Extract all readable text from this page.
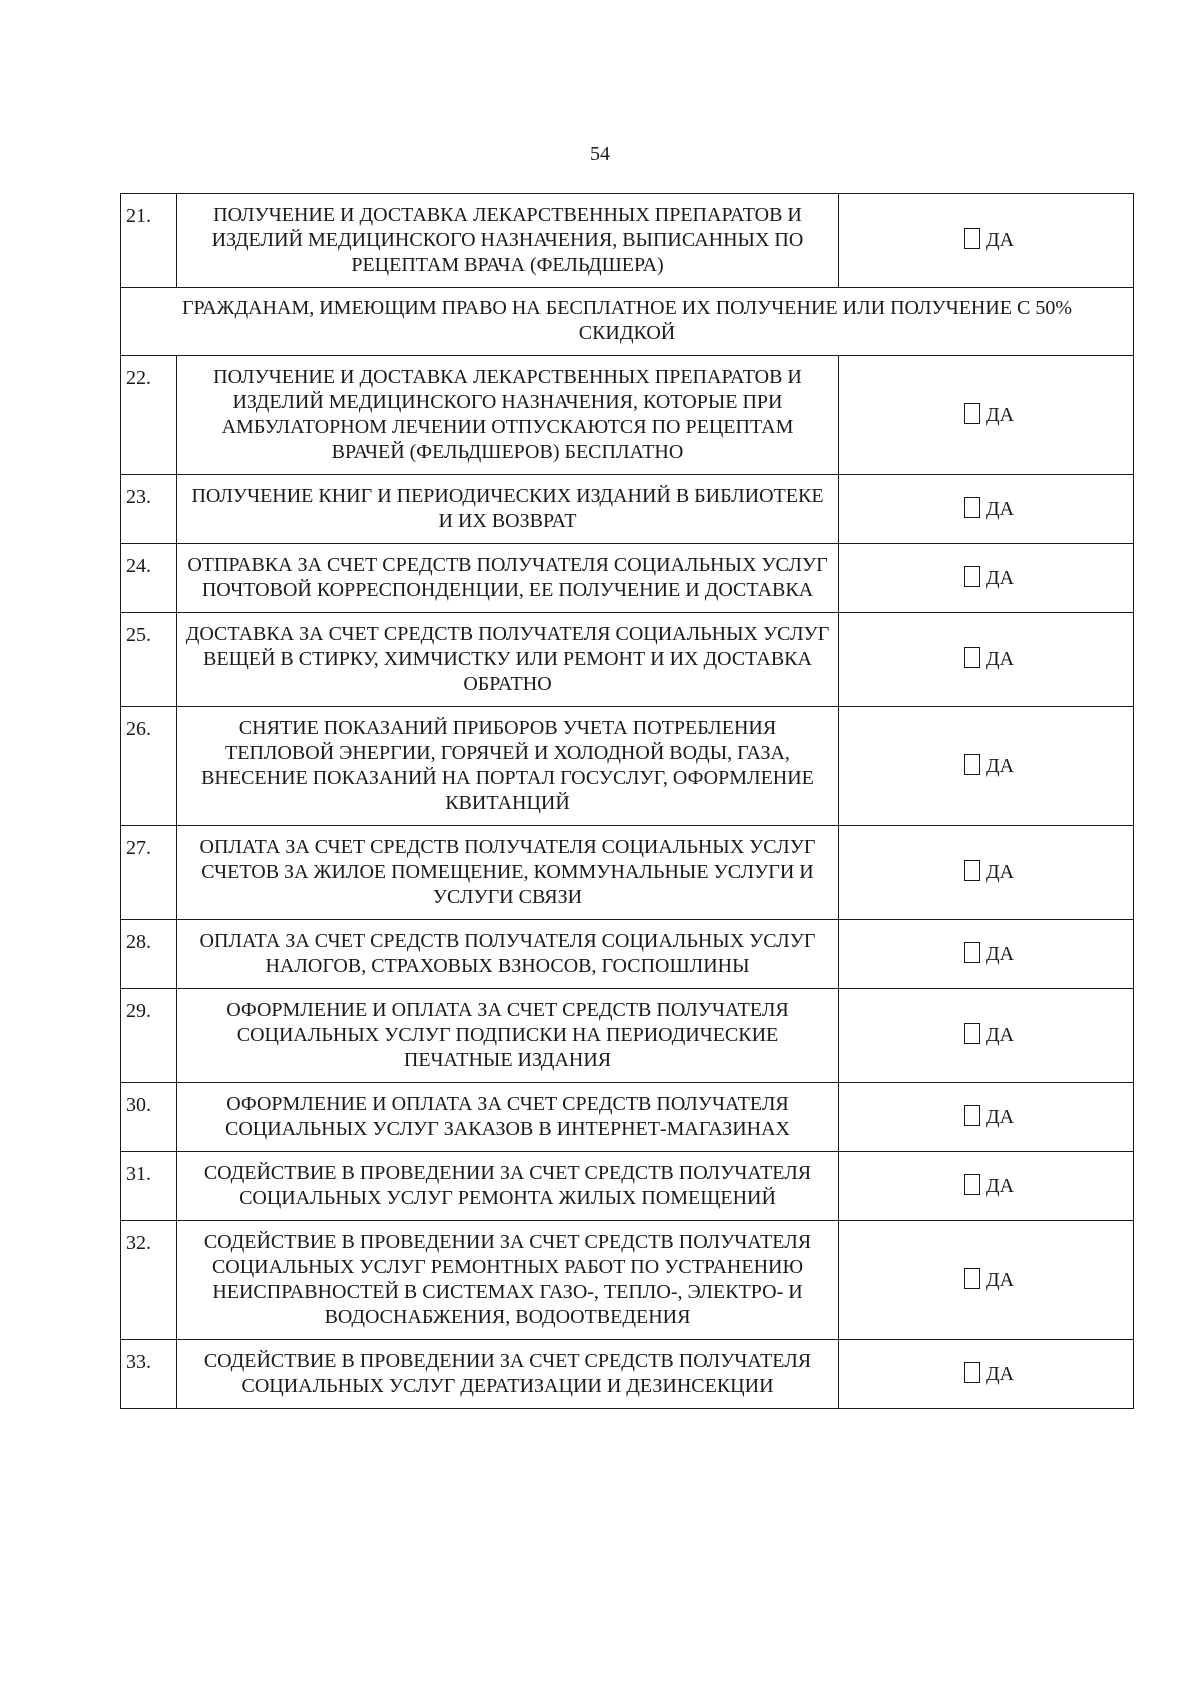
54
21.	ПОЛУЧЕНИЕ И ДОСТАВКА ЛЕКАРСТВЕННЫХ ПРЕПАРАТОВ И ИЗДЕЛИЙ МЕДИЦИНСКОГО НАЗНАЧЕНИЯ, ВЫПИСАННЫХ ПО РЕЦЕПТАМ ВРАЧА (ФЕЛЬДШЕРА)	ДА
ГРАЖДАНАМ, ИМЕЮЩИМ ПРАВО НА БЕСПЛАТНОЕ ИХ ПОЛУЧЕНИЕ ИЛИ ПОЛУЧЕНИЕ С 50% СКИДКОЙ		
22.	ПОЛУЧЕНИЕ И ДОСТАВКА ЛЕКАРСТВЕННЫХ ПРЕПАРАТОВ И ИЗДЕЛИЙ МЕДИЦИНСКОГО НАЗНАЧЕНИЯ, КОТОРЫЕ ПРИ АМБУЛАТОРНОМ ЛЕЧЕНИИ ОТПУСКАЮТСЯ ПО РЕЦЕПТАМ ВРАЧЕЙ (ФЕЛЬДШЕРОВ) БЕСПЛАТНО	ДА
23.	ПОЛУЧЕНИЕ КНИГ И ПЕРИОДИЧЕСКИХ ИЗДАНИЙ В БИБЛИОТЕКЕ И ИХ ВОЗВРАТ	ДА
24.	ОТПРАВКА ЗА СЧЕТ СРЕДСТВ ПОЛУЧАТЕЛЯ СОЦИАЛЬНЫХ УСЛУГ ПОЧТОВОЙ КОРРЕСПОНДЕНЦИИ, ЕЕ ПОЛУЧЕНИЕ И ДОСТАВКА	ДА
25.	ДОСТАВКА ЗА СЧЕТ СРЕДСТВ ПОЛУЧАТЕЛЯ СОЦИАЛЬНЫХ УСЛУГ ВЕЩЕЙ В СТИРКУ, ХИМЧИСТКУ ИЛИ РЕМОНТ И ИХ ДОСТАВКА ОБРАТНО	ДА
26.	СНЯТИЕ ПОКАЗАНИЙ ПРИБОРОВ УЧЕТА ПОТРЕБЛЕНИЯ ТЕПЛОВОЙ ЭНЕРГИИ, ГОРЯЧЕЙ И ХОЛОДНОЙ ВОДЫ, ГАЗА, ВНЕСЕНИЕ ПОКАЗАНИЙ НА ПОРТАЛ ГОСУСЛУГ, ОФОРМЛЕНИЕ КВИТАНЦИЙ	ДА
27.	ОПЛАТА ЗА СЧЕТ СРЕДСТВ ПОЛУЧАТЕЛЯ СОЦИАЛЬНЫХ УСЛУГ СЧЕТОВ ЗА ЖИЛОЕ ПОМЕЩЕНИЕ, КОММУНАЛЬНЫЕ УСЛУГИ И УСЛУГИ СВЯЗИ	ДА
28.	ОПЛАТА ЗА СЧЕТ СРЕДСТВ ПОЛУЧАТЕЛЯ СОЦИАЛЬНЫХ УСЛУГ НАЛОГОВ, СТРАХОВЫХ ВЗНОСОВ, ГОСПОШЛИНЫ	ДА
29.	ОФОРМЛЕНИЕ И ОПЛАТА ЗА СЧЕТ СРЕДСТВ ПОЛУЧАТЕЛЯ СОЦИАЛЬНЫХ УСЛУГ ПОДПИСКИ НА ПЕРИОДИЧЕСКИЕ ПЕЧАТНЫЕ ИЗДАНИЯ	ДА
30.	ОФОРМЛЕНИЕ И ОПЛАТА ЗА СЧЕТ СРЕДСТВ ПОЛУЧАТЕЛЯ СОЦИАЛЬНЫХ УСЛУГ ЗАКАЗОВ В ИНТЕРНЕТ-МАГАЗИНАХ	ДА
31.	СОДЕЙСТВИЕ В ПРОВЕДЕНИИ ЗА СЧЕТ СРЕДСТВ ПОЛУЧАТЕЛЯ СОЦИАЛЬНЫХ УСЛУГ РЕМОНТА ЖИЛЫХ ПОМЕЩЕНИЙ	ДА
32.	СОДЕЙСТВИЕ В ПРОВЕДЕНИИ ЗА СЧЕТ СРЕДСТВ ПОЛУЧАТЕЛЯ СОЦИАЛЬНЫХ УСЛУГ РЕМОНТНЫХ РАБОТ ПО УСТРАНЕНИЮ НЕИСПРАВНОСТЕЙ В СИСТЕМАХ ГАЗО-, ТЕПЛО-, ЭЛЕКТРО- И ВОДОСНАБЖЕНИЯ, ВОДООТВЕДЕНИЯ	ДА
33.	СОДЕЙСТВИЕ В ПРОВЕДЕНИИ ЗА СЧЕТ СРЕДСТВ ПОЛУЧАТЕЛЯ СОЦИАЛЬНЫХ УСЛУГ ДЕРАТИЗАЦИИ И ДЕЗИНСЕКЦИИ	ДА
